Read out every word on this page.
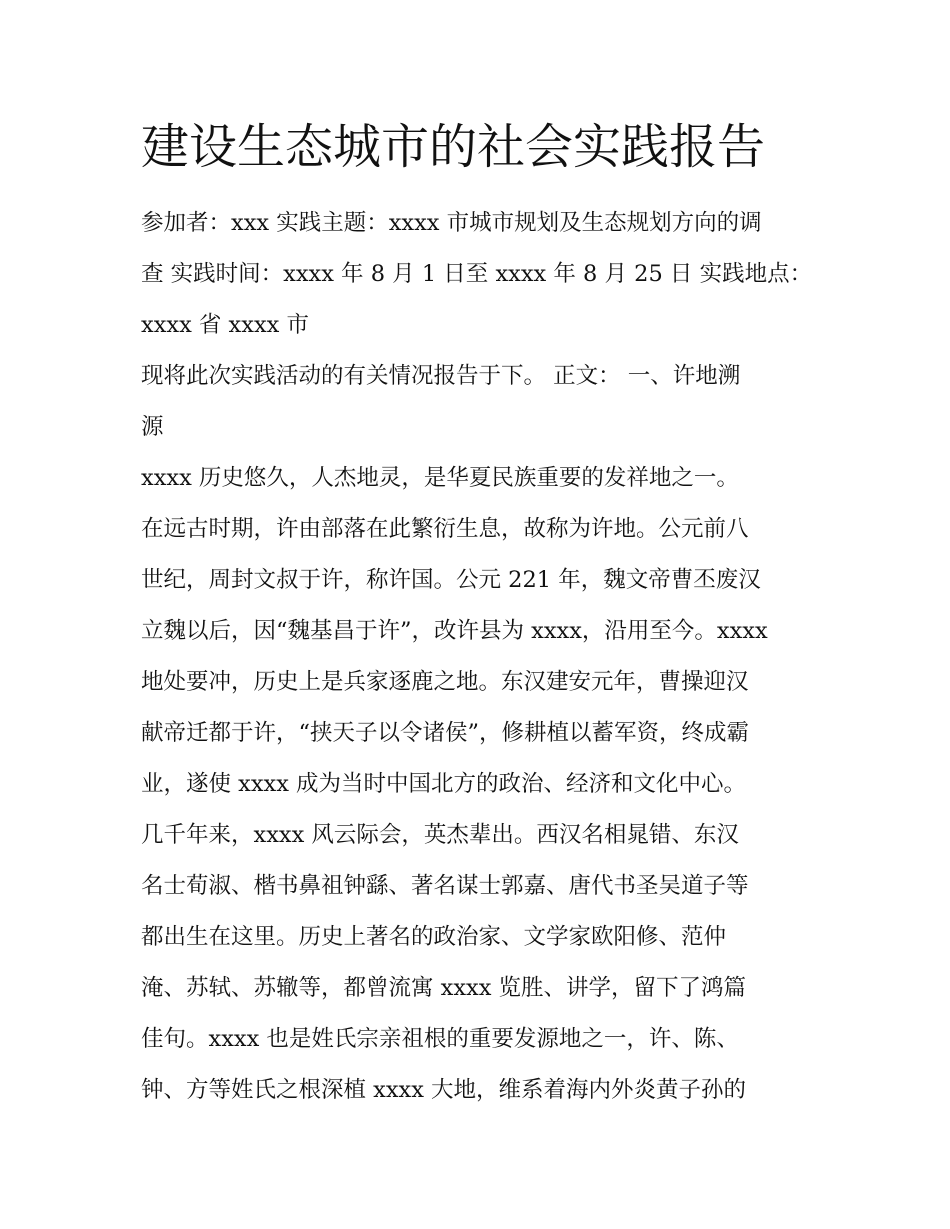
建设生态城市的社会实践报告

参加者：xxx 实践主题：xxxx 市城市规划及生态规划方向的调

查 实践时间：xxxx 年 8 月 1 日至 xxxx 年 8 月 25 日 实践地点：

xxxx 省 xxxx 市

现将此次实践活动的有关情况报告于下。 正文： 一、许地溯

源

xxxx 历史悠久，人杰地灵，是华夏民族重要的发祥地之一。

在远古时期，许由部落在此繁衍生息，故称为许地。公元前八

世纪，周封文叔于许，称许国。公元 221 年，魏文帝曹丕废汉

立魏以后，因“魏基昌于许”，改许县为 xxxx，沿用至今。xxxx

地处要冲，历史上是兵家逐鹿之地。东汉建安元年，曹操迎汉

献帝迁都于许，“挟天子以令诸侯”，修耕植以蓄军资，终成霸

业，遂使 xxxx 成为当时中国北方的政治、经济和文化中心。

几千年来，xxxx 风云际会，英杰辈出。西汉名相晁错、东汉

名士荀淑、楷书鼻祖钟繇、著名谋士郭嘉、唐代书圣吴道子等

都出生在这里。历史上著名的政治家、文学家欧阳修、范仲

淹、苏轼、苏辙等，都曾流寓 xxxx 览胜、讲学，留下了鸿篇

佳句。xxxx 也是姓氏宗亲祖根的重要发源地之一，许、陈、

钟、方等姓氏之根深植 xxxx 大地，维系着海内外炎黄子孙的
